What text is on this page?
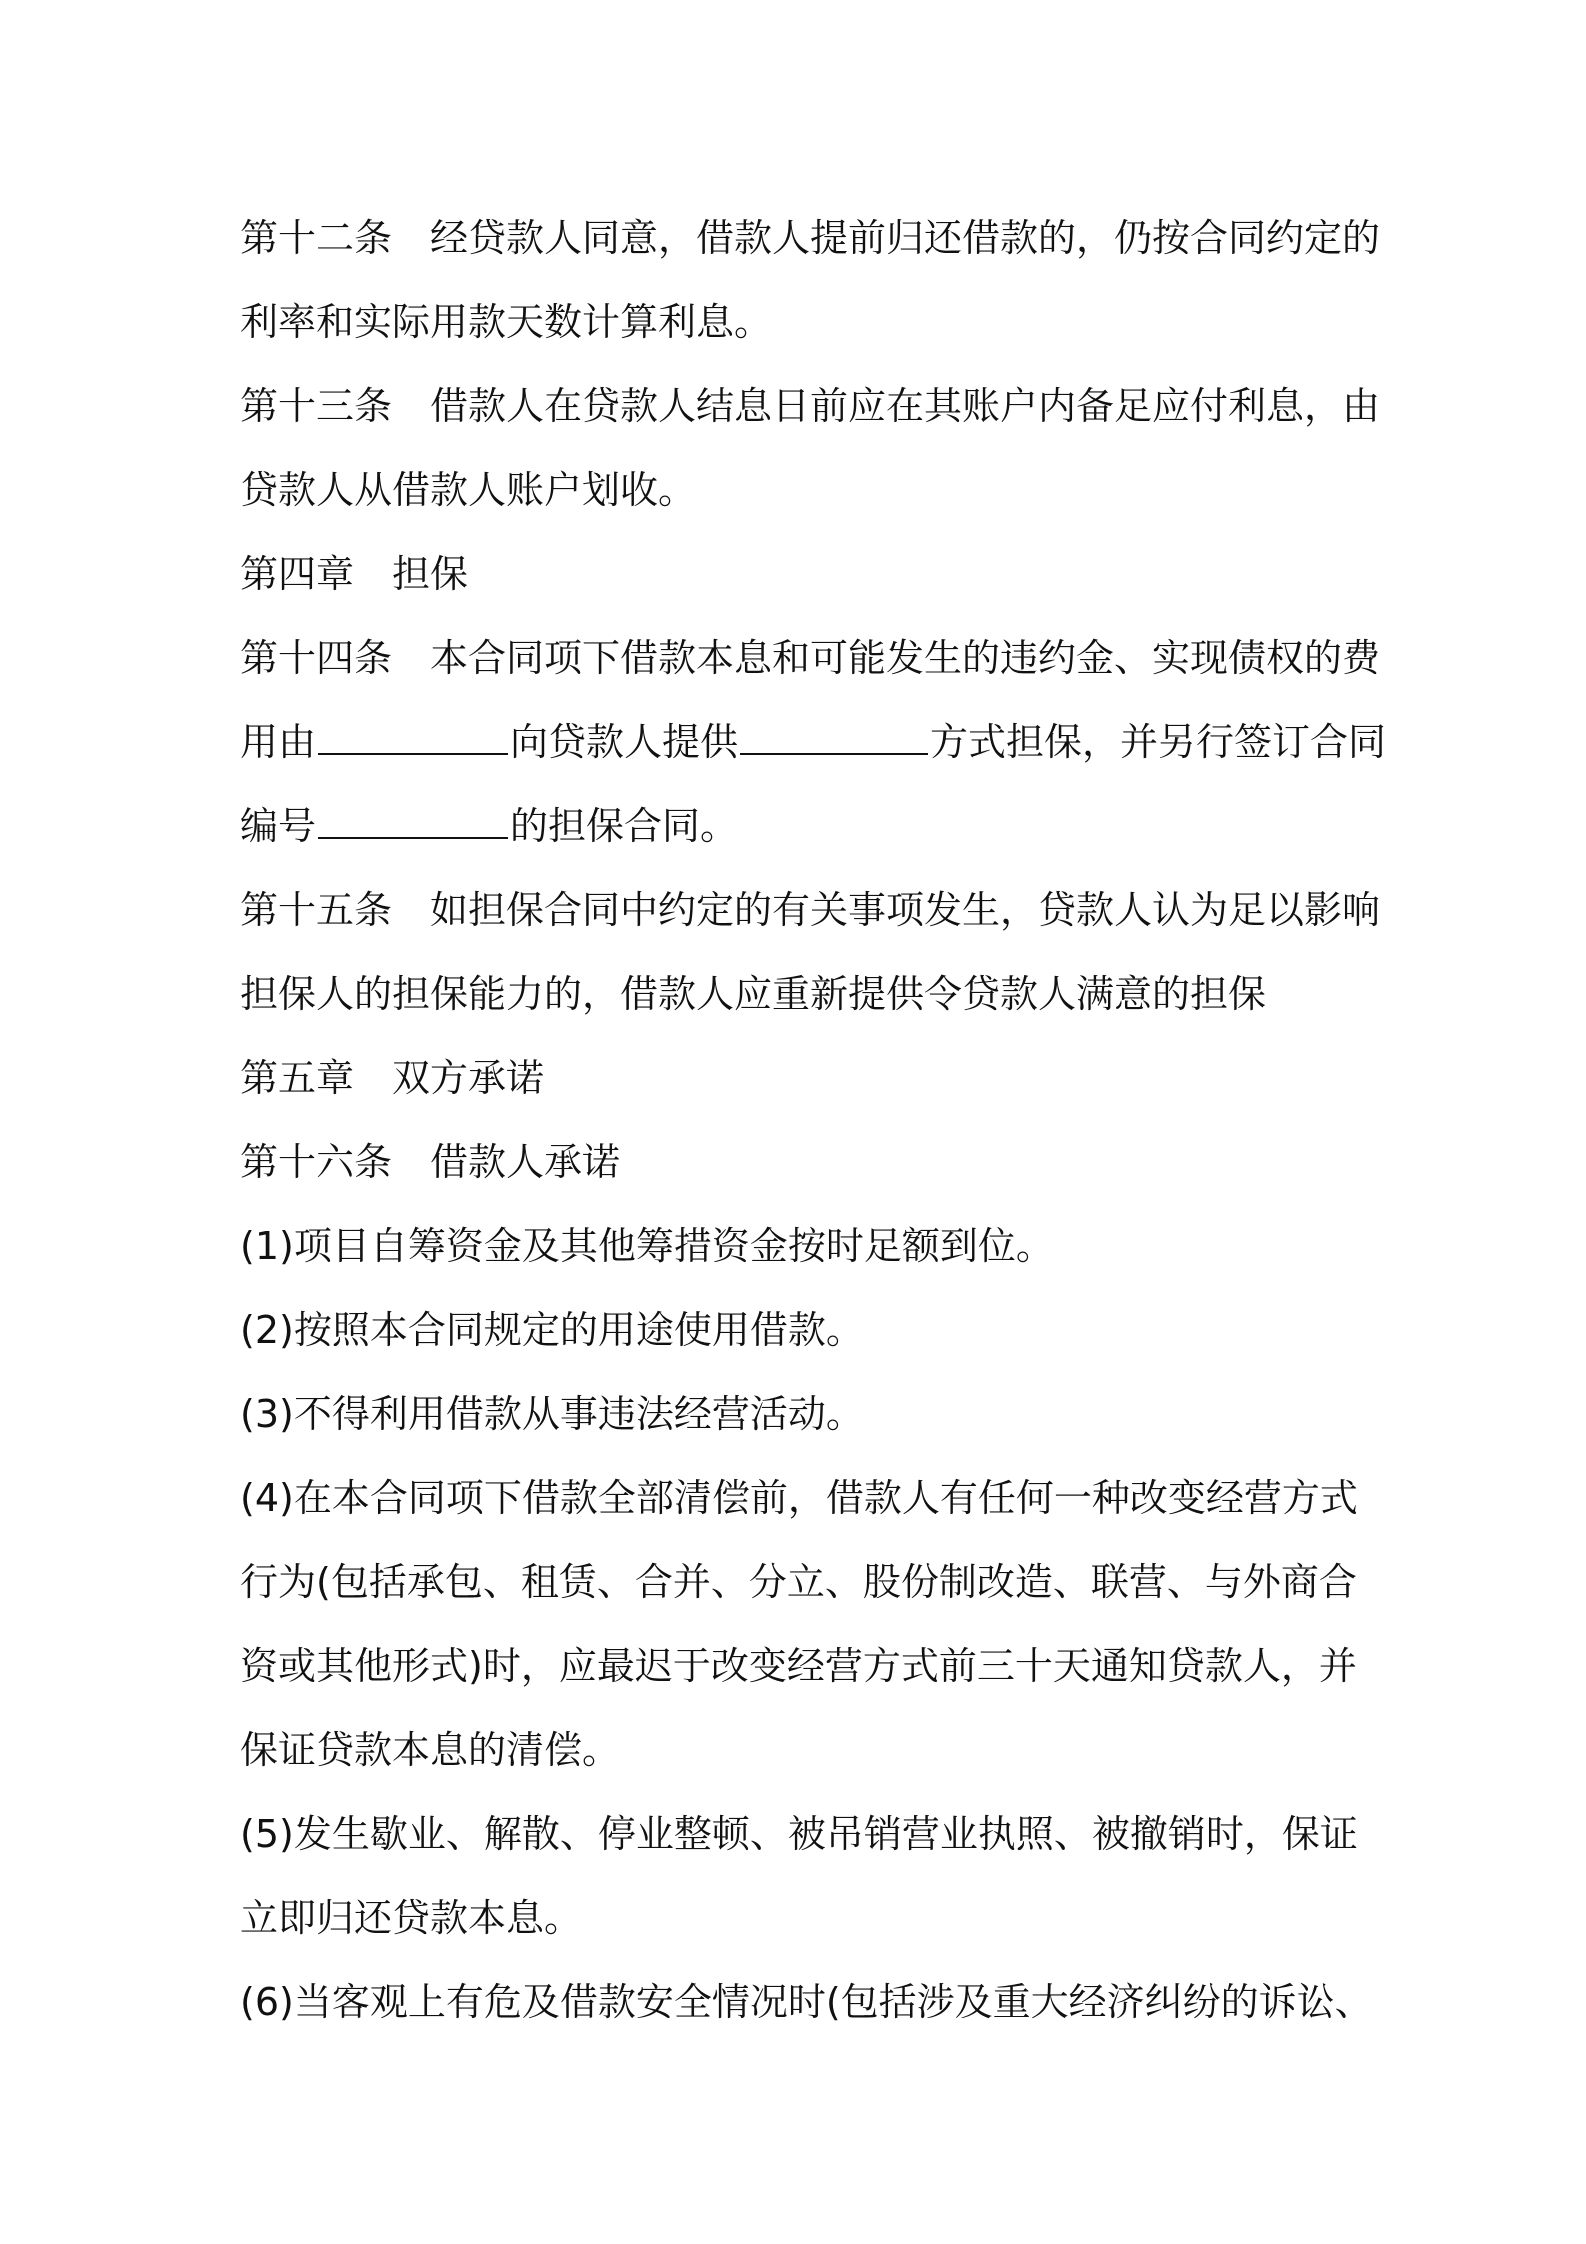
第十二条 经贷款人同意，借款人提前归还借款的，仍按合同约定的
利率和实际用款天数计算利息。
第十三条 借款人在贷款人结息日前应在其账户内备足应付利息，由
贷款人从借款人账户划收。
第四章 担保
第十四条 本合同项下借款本息和可能发生的违约金、实现债权的费
用由	向贷款人提供	方式担保，并另行签订合同
编号	的担保合同。
第十五条 如担保合同中约定的有关事项发生，贷款人认为足以影响
担保人的担保能力的，借款人应重新提供令贷款人满意的担保
第五章 双方承诺
第十六条 借款人承诺
(1)项目自筹资金及其他筹措资金按时足额到位。
(2)按照本合同规定的用途使用借款。
(3)不得利用借款从事违法经营活动。
(4)在本合同项下借款全部清偿前，借款人有任何一种改变经营方式
行为(包括承包、租赁、合并、分立、股份制改造、联营、与外商合
资或其他形式)时，应最迟于改变经营方式前三十天通知贷款人，并
保证贷款本息的清偿。
(5)发生歇业、解散、停业整顿、被吊销营业执照、被撤销时，保证
立即归还贷款本息。
(6)当客观上有危及借款安全情况时(包括涉及重大经济纠纷的诉讼、
